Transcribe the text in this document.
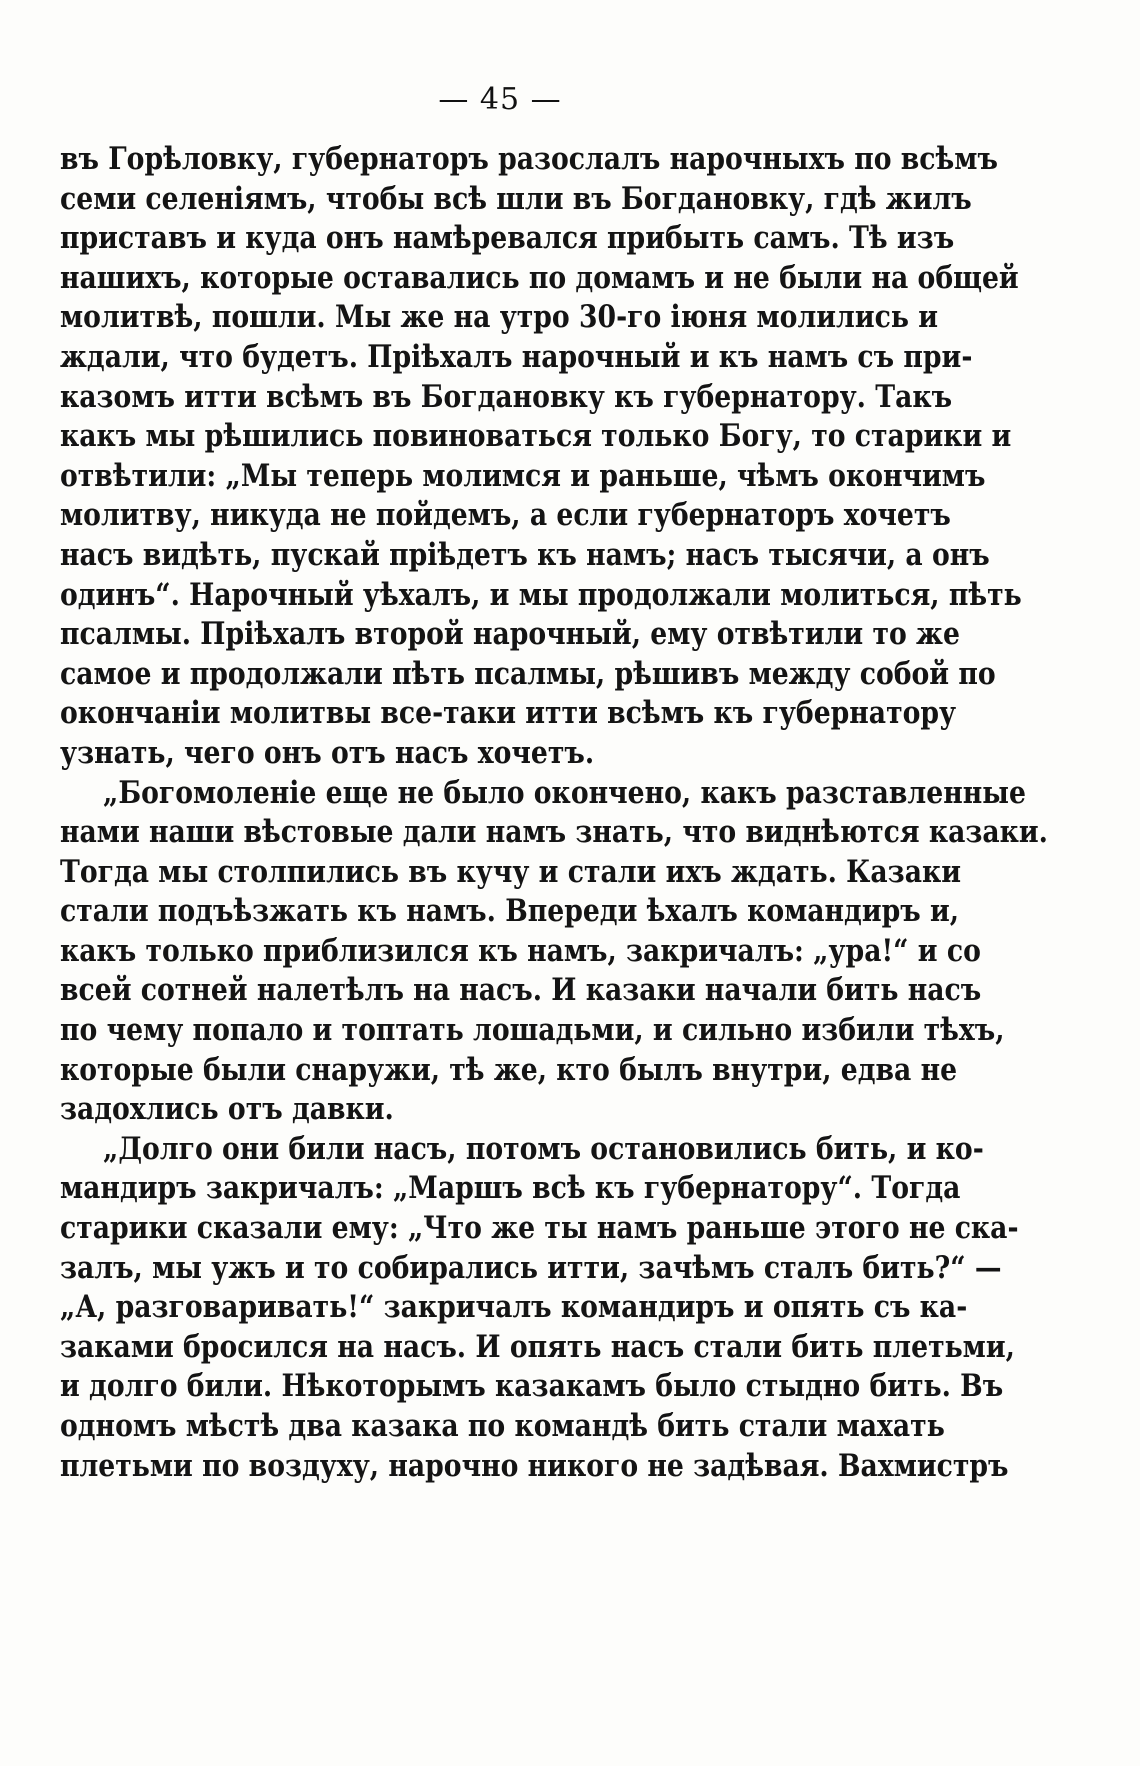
— 45 —

въ Горѣловку, губернаторъ разослалъ нарочныхъ по всѣмъ
семи селеніямъ, чтобы всѣ шли въ Богдановку, гдѣ жилъ
приставъ и куда онъ намѣревался прибыть самъ. Тѣ изъ
нашихъ, которые оставались по домамъ и не были на общей
молитвѣ, пошли. Мы же на утро 30-го іюня молились и
ждали, что будетъ. Пріѣхалъ нарочный и къ намъ съ при-
казомъ итти всѣмъ въ Богдановку къ губернатору. Такъ
какъ мы рѣшились повиноваться только Богу, то старики и
отвѣтили: „Мы теперь молимся и раньше, чѣмъ окончимъ
молитву, никуда не пойдемъ, а если губернаторъ хочетъ
насъ видѣть, пускай пріѣдетъ къ намъ; насъ тысячи, а онъ
одинъ“. Нарочный уѣхалъ, и мы продолжали молиться, пѣть
псалмы. Пріѣхалъ второй нарочный, ему отвѣтили то же
самое и продолжали пѣть псалмы, рѣшивъ между собой по
окончаніи молитвы все-таки итти всѣмъ къ губернатору
узнать, чего онъ отъ насъ хочетъ.

„Богомоленіе еще не было окончено, какъ разставленные
нами наши вѣстовые дали намъ знать, что виднѣются казаки.
Тогда мы столпились въ кучу и стали ихъ ждать. Казаки
стали подъѣзжать къ намъ. Впереди ѣхалъ командиръ и,
какъ только приблизился къ намъ, закричалъ: „ура!“ и со
всей сотней налетѣлъ на насъ. И казаки начали бить насъ
по чему попало и топтать лошадьми, и сильно избили тѣхъ,
которые были снаружи, тѣ же, кто былъ внутри, едва не
задохлись отъ давки.

„Долго они били насъ, потомъ остановились бить, и ко-
мандиръ закричалъ: „Маршъ всѣ къ губернатору“. Тогда
старики сказали ему: „Что же ты намъ раньше этого не ска-
залъ, мы ужъ и то собирались итти, зачѣмъ сталъ бить?“ —
„А, разговаривать!“ закричалъ командиръ и опять съ ка-
заками бросился на насъ. И опять насъ стали бить плетьми,
и долго били. Нѣкоторымъ казакамъ было стыдно бить. Въ
одномъ мѣстѣ два казака по командѣ бить стали махать
плетьми по воздуху, нарочно никого не задѣвая. Вахмистръ
